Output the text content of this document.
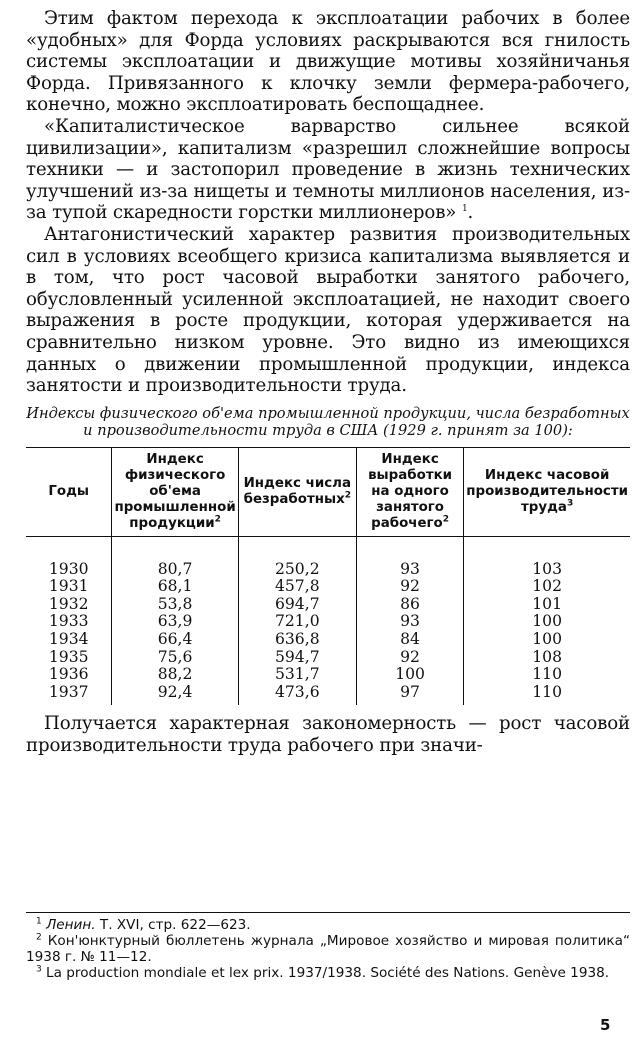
Этим фактом перехода к эксплоатации рабочих в более «удобных» для Форда условиях раскрываются вся гнилость системы эксплоатации и движущие мотивы хозяйничанья Форда. Привязанного к клочку земли фермера-рабочего, конечно, можно эксплоатировать беспощаднее.

«Капиталистическое варварство сильнее всякой цивилизации», капитализм «разрешил сложнейшие вопросы техники — и застопорил проведение в жизнь технических улучшений из-за нищеты и темноты миллионов населения, из-за тупой скаредности горстки миллионеров» $^1$.

Антагонистический характер развития производительных сил в условиях всеобщего кризиса капитализма выявляется и в том, что рост часовой выработки занятого рабочего, обусловленный усиленной эксплоатацией, не находит своего выражения в росте продукции, которая удерживается на сравнительно низком уровне. Это видно из имеющихся данных о движении промышленной продукции, индекса занятости и производительности труда.

Индексы физического об'ема промышленной продукции, числа безработных и производительности труда в США (1929 г. принят за 100):
Годы	Индекс физического об'ема промышленной продукции$^2$	Индекс числа безработных$^2$	Индекс выработки на одного занятого рабочего$^2$	Индекс часовой производительности труда$^3$
1930	80,7	250,2	93	103
1931	68,1	457,8	92	102
1932	53,8	694,7	86	101
1933	63,9	721,0	93	100
1934	66,4	636,8	84	100
1935	75,6	594,7	92	108
1936	88,2	531,7	100	110
1937	92,4	473,6	97	110

Получается характерная закономерность — рост часовой производительности труда рабочего при значи-

$^1$ Ленин. Т. XVI, стр. 622—623.

$^2$ Кон'юнктурный бюллетень журнала „Мировое хозяйство и мировая политика“ 1938 г. № 11—12.

$^3$ La production mondiale et lex prix. 1937/1938. Société des Nations. Genève 1938.

5
